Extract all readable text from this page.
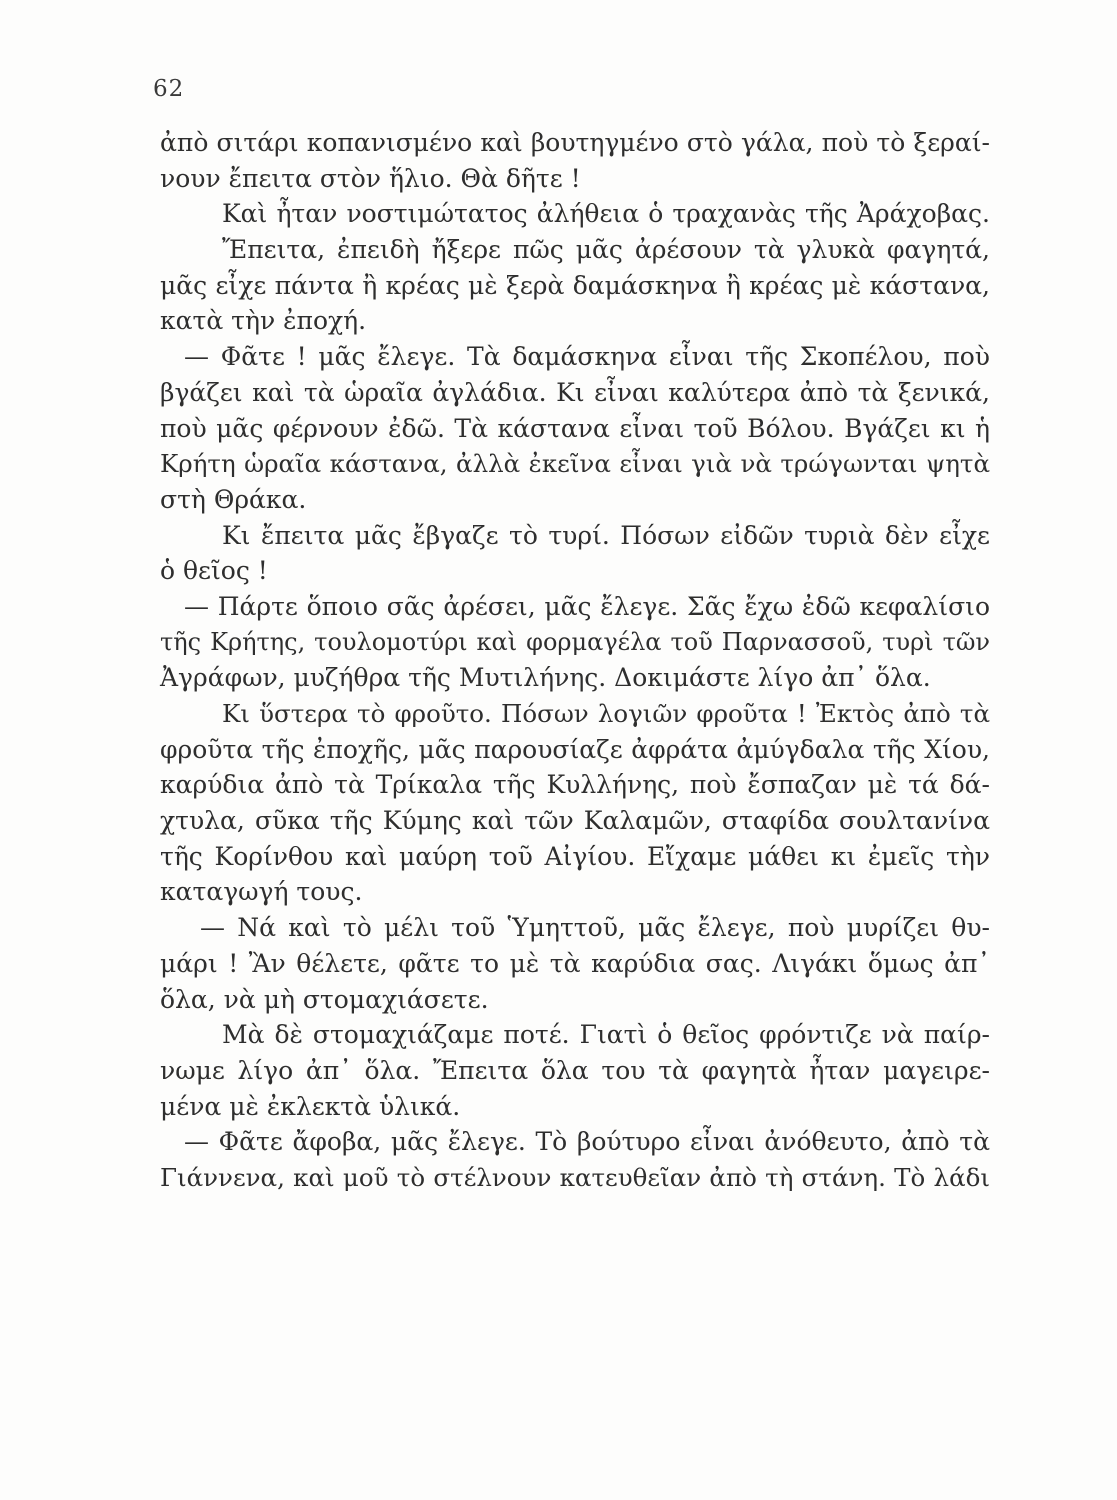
62
ἀπὸ σιτάρι κοπανισμένο καὶ βουτηγμένο στὸ γάλα, ποὺ τὸ ξεραί-
νουν ἔπειτα στὸν ἥλιο. Θὰ δῆτε !
Καὶ ἦταν νοστιμώτατος ἀλήθεια ὁ τραχανὰς τῆς Ἀράχοβας.
Ἔπειτα, ἐπειδὴ ἤξερε πῶς μᾶς ἀρέσουν τὰ γλυκὰ φαγητά,
μᾶς εἶχε πάντα ἢ κρέας μὲ ξερὰ δαμάσκηνα ἢ κρέας μὲ κάστανα,
κατὰ τὴν ἐποχή.
— Φᾶτε ! μᾶς ἔλεγε. Τὰ δαμάσκηνα εἶναι τῆς Σκοπέλου, ποὺ
βγάζει καὶ τὰ ὡραῖα ἀγλάδια. Κι εἶναι καλύτερα ἀπὸ τὰ ξενικά,
ποὺ μᾶς φέρνουν ἐδῶ. Τὰ κάστανα εἶναι τοῦ Βόλου. Βγάζει κι ἡ
Κρήτη ὡραῖα κάστανα, ἀλλὰ ἐκεῖνα εἶναι γιὰ νὰ τρώγωνται ψητὰ
στὴ Θράκα.
Κι ἔπειτα μᾶς ἔβγαζε τὸ τυρί. Πόσων εἰδῶν τυριὰ δὲν εἶχε
ὁ θεῖος !
— Πάρτε ὅποιο σᾶς ἀρέσει, μᾶς ἔλεγε. Σᾶς ἔχω ἐδῶ κεφαλίσιο
τῆς Κρήτης, τουλομοτύρι καὶ φορμαγέλα τοῦ Παρνασσοῦ, τυρὶ τῶν
Ἀγράφων, μυζήθρα τῆς Μυτιλήνης. Δοκιμάστε λίγο ἀπ᾽ ὅλα.
Κι ὕστερα τὸ φροῦτο. Πόσων λογιῶν φροῦτα ! Ἐκτὸς ἀπὸ τὰ
φροῦτα τῆς ἐποχῆς, μᾶς παρουσίαζε ἀφράτα ἀμύγδαλα τῆς Χίου,
καρύδια ἀπὸ τὰ Τρίκαλα τῆς Κυλλήνης, ποὺ ἔσπαζαν μὲ τά δά-
χτυλα, σῦκα τῆς Κύμης καὶ τῶν Καλαμῶν, σταφίδα σουλτανίνα
τῆς Κορίνθου καὶ μαύρη τοῦ Αἰγίου. Εἴχαμε μάθει κι ἐμεῖς τὴν
καταγωγή τους.
— Νά καὶ τὸ μέλι τοῦ Ὑμηττοῦ, μᾶς ἔλεγε, ποὺ μυρίζει θυ-
μάρι ! Ἂν θέλετε, φᾶτε το μὲ τὰ καρύδια σας. Λιγάκι ὅμως ἀπ᾽
ὅλα, νὰ μὴ στομαχιάσετε.
Μὰ δὲ στομαχιάζαμε ποτέ. Γιατὶ ὁ θεῖος φρόντιζε νὰ παίρ-
νωμε λίγο ἀπ᾽ ὅλα. Ἔπειτα ὅλα του τὰ φαγητὰ ἦταν μαγειρε-
μένα μὲ ἐκλεκτὰ ὑλικά.
— Φᾶτε ἄφοβα, μᾶς ἔλεγε. Τὸ βούτυρο εἶναι ἀνόθευτο, ἀπὸ τὰ
Γιάννενα, καὶ μοῦ τὸ στέλνουν κατευθεῖαν ἀπὸ τὴ στάνη. Τὸ λάδι
